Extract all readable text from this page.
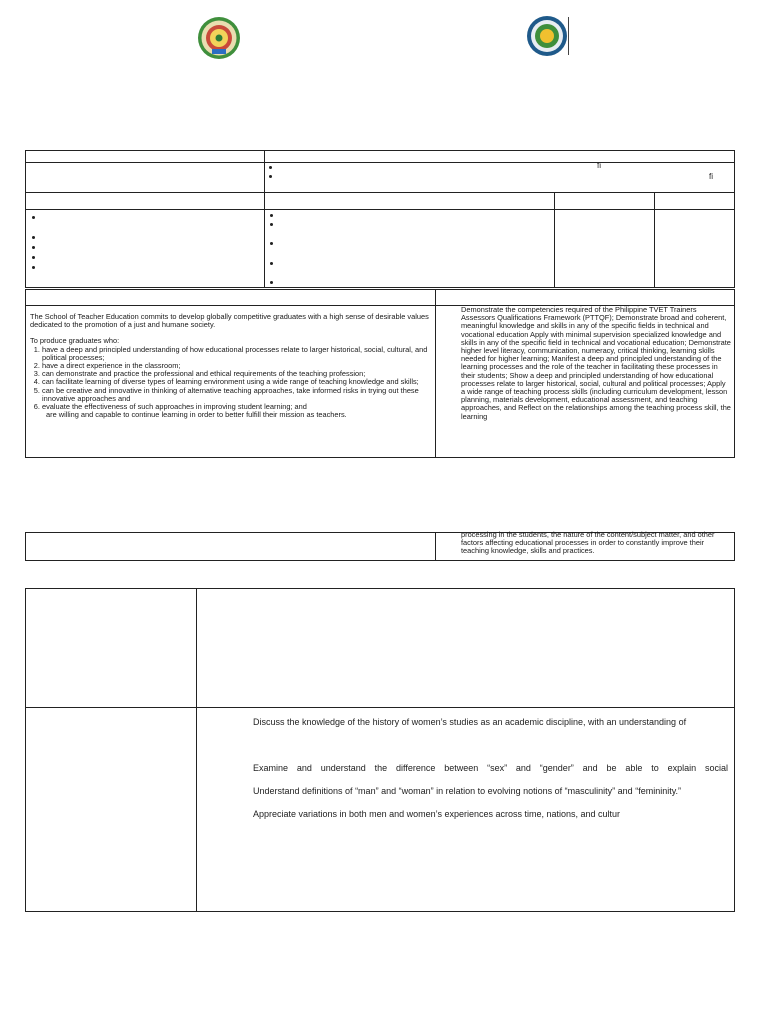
fi
fi
The School of Teacher Education commits to develop globally competitive graduates with a high sense of desirable values dedicated to the promotion of a just and humane society.
To produce graduates who:
1. have a deep and principled understanding of how educational processes relate to larger historical, social, cultural, and political processes;
2. have a direct experience in the classroom;
3. can demonstrate and practice the professional and ethical requirements of the teaching profession;
4. can facilitate learning of diverse types of learning environment using a wide range of teaching knowledge and skills;
5. can be creative and innovative in thinking of alternative teaching approaches, take informed risks in trying out these innovative approaches and
6. evaluate the effectiveness of such approaches in improving student learning; and
are willing and capable to continue learning in order to better fulfill their mission as teachers.
Demonstrate the competencies required of the Philippine TVET Trainers Assessors Qualifications Framework (PTTQF); Demonstrate broad and coherent, meaningful knowledge and skills in any of the specific fields in technical and vocational education Apply with minimal supervision specialized knowledge and skills in any of the specific field in technical and vocational education; Demonstrate higher level literacy, communication, numeracy, critical thinking, learning skills needed for higher learning; Manifest a deep and principled understanding of the learning processes and the role of the teacher in facilitating these processes in their students; Show a deep and principled understanding of how educational processes relate to larger historical, social, cultural and political processes; Apply a wide range of teaching process skills (including curriculum development, lesson planning, materials development, educational assessment, and teaching approaches, and Reflect on the relationships among the teaching process skill, the learning
processing in the students, the nature of the content/subject matter, and other factors affecting educational processes in order to constantly improve their teaching knowledge, skills and practices.
Discuss the knowledge of the history of women’s studies as an academic discipline, with an understanding of
Examine and understand the difference between “sex” and “gender” and be able to explain social
Understand definitions of “man” and “woman” in relation to evolving notions of “masculinity” and “femininity.”
Appreciate variations in both men and women’s experiences across time, nations, and cultur
